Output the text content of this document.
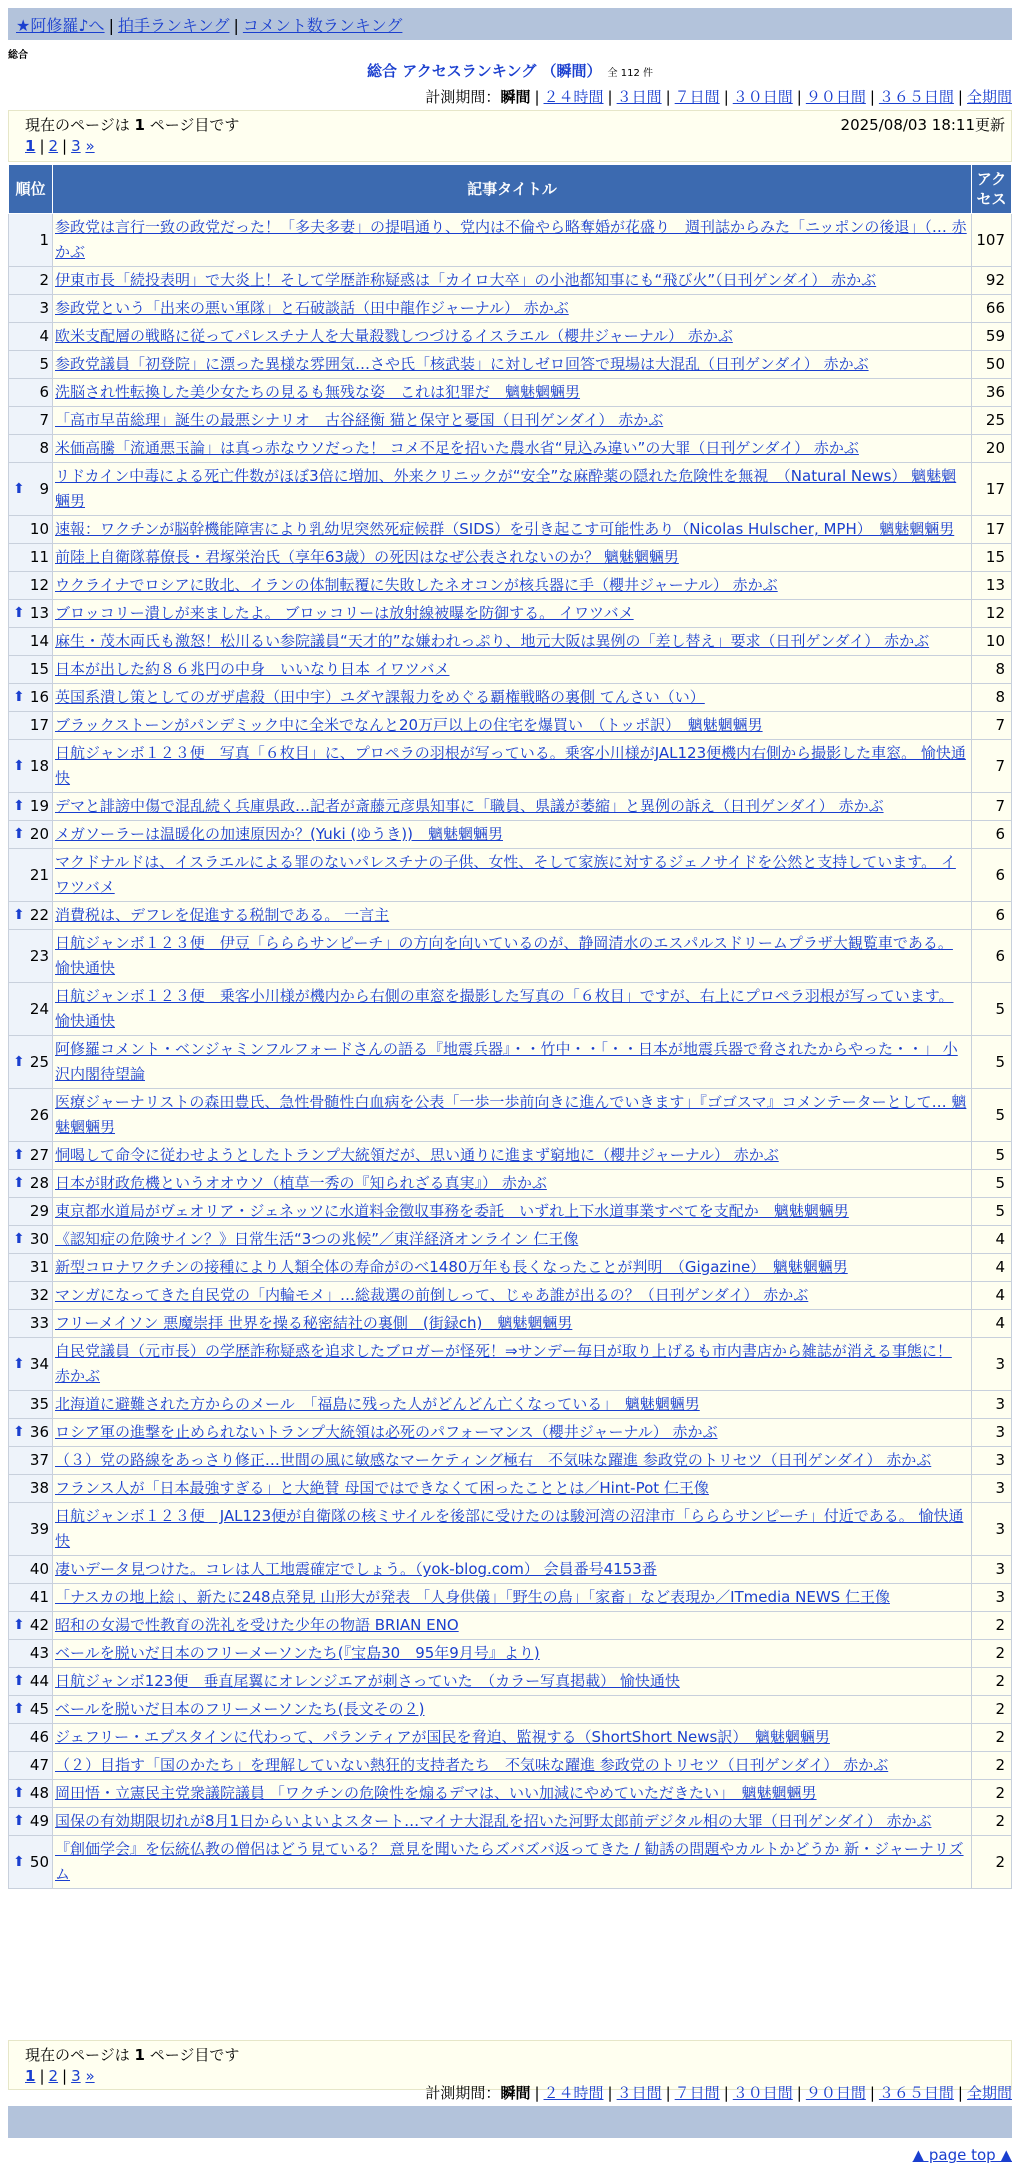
★阿修羅♪へ | 拍手ランキング | コメント数ランキング
総合
総合 アクセスランキング （瞬間） 全 112 件
計測期間：瞬間 | ２４時間 | ３日間 | ７日間 | ３０日間 | ９０日間 | ３６５日間 | 全期間
現在のページは 1 ページ目です	2025/08/03 18:11更新
1 | 2 | 3 »
順位	記事タイトル	アクセス
1	参政党は言行一致の政党だった！「多夫多妻」の提唱通り、党内は不倫やら略奪婚が花盛り　週刊誌からみた「ニッポンの後退」（… 赤かぶ	107
2	伊東市長「続投表明」で大炎上！そして学歴詐称疑惑は「カイロ大卒」の小池都知事にも“飛び火”（日刊ゲンダイ） 赤かぶ	92
3	参政党という「出来の悪い軍隊」と石破談話（田中龍作ジャーナル） 赤かぶ	66
4	欧米支配層の戦略に従ってパレスチナ人を大量殺戮しつづけるイスラエル（櫻井ジャーナル） 赤かぶ	59
5	参政党議員「初登院」に漂った異様な雰囲気…さや氏「核武装」に対しゼロ回答で現場は大混乱（日刊ゲンダイ） 赤かぶ	50
6	洗脳され性転換した美少女たちの見るも無残な姿　これは犯罪だ　魑魅魍魎男	36
7	「高市早苗総理」誕生の最悪シナリオ　古谷経衡 猫と保守と憂国（日刊ゲンダイ） 赤かぶ	25
8	米価高騰「流通悪玉論」は真っ赤なウソだった！ コメ不足を招いた農水省“見込み違い”の大罪（日刊ゲンダイ） 赤かぶ	20

⬆ 9	リドカイン中毒による死亡件数がほぼ3倍に増加、外来クリニックが“安全”な麻酔薬の隠れた危険性を無視　（Natural News） 魑魅魍魎男	17
10	速報：ワクチンが脳幹機能障害により乳幼児突然死症候群（SIDS）を引き起こす可能性あり（Nicolas Hulscher, MPH）　魑魅魍魎男	17
11	前陸上自衛隊幕僚長・君塚栄治氏（享年63歳）の死因はなぜ公表されないのか？ 魑魅魍魎男	15
12	ウクライナでロシアに敗北、イランの体制転覆に失敗したネオコンが核兵器に手（櫻井ジャーナル） 赤かぶ	13

⬆ 13	ブロッコリー潰しが来ましたよ。 ブロッコリーは放射線被曝を防御する。 イワツバメ	12
14	麻生・茂木両氏も激怒！松川るい参院議員“天才的”な嫌われっぷり、地元大阪は異例の「差し替え」要求（日刊ゲンダイ） 赤かぶ	10
15	日本が出した約８６兆円の中身　いいなり日本 イワツバメ	8

⬆ 16	英国系潰し策としてのガザ虐殺（田中宇）ユダヤ課報力をめぐる覇権戦略の裏側 てんさい（い）	8
17	ブラックストーンがパンデミック中に全米でなんと20万戸以上の住宅を爆買い　（トッポ訳）　魑魅魍魎男	7

⬆ 18	日航ジャンボ１２３便　写真「６枚目」に、プロペラの羽根が写っている。乗客小川様がJAL123便機内右側から撮影した車窓。 愉快通快	7

⬆ 19	デマと誹謗中傷で混乱続く兵庫県政…記者が斎藤元彦県知事に「職員、県議が萎縮」と異例の訴え（日刊ゲンダイ） 赤かぶ	7

⬆ 20	メガソーラーは温暖化の加速原因か？(Yuki (ゆうき))　魑魅魍魎男	6
21	マクドナルドは、イスラエルによる罪のないパレスチナの子供、女性、そして家族に対するジェノサイドを公然と支持しています。 イワツバメ	6

⬆ 22	消費税は、デフレを促進する税制である。 一言主	6
23	日航ジャンボ１２３便　伊豆「らららサンピーチ」の方向を向いているのが、静岡清水のエスパルスドリームプラザ大観覧車である。 愉快通快	6
24	日航ジャンボ１２３便　乗客小川様が機内から右側の車窓を撮影した写真の「６枚目」ですが、右上にプロペラ羽根が写っています。 愉快通快	5

⬆ 25	阿修羅コメント・ベンジャミンフルフォードさんの語る『地震兵器』・・竹中・・「・・日本が地震兵器で脅されたからやった・・」 小沢内閣待望論	5
26	医療ジャーナリストの森田豊氏、急性骨髄性白血病を公表「一歩一歩前向きに進んでいきます」『ゴゴスマ』コメンテーターとして… 魑魅魍魎男	5

⬆ 27	恫喝して命令に従わせようとしたトランプ大統領だが、思い通りに進まず窮地に（櫻井ジャーナル） 赤かぶ	5

⬆ 28	日本が財政危機というオオウソ（植草一秀の『知られざる真実』） 赤かぶ	5
29	東京都水道局がヴェオリア・ジェネッツに水道料金徴収事務を委託　いずれ上下水道事業すべてを支配か　魑魅魍魎男	5

⬆ 30	《認知症の危険サイン？》日常生活“3つの兆候”／東洋経済オンライン 仁王像	4
31	新型コロナワクチンの接種により人類全体の寿命がのべ1480万年も長くなったことが判明　（Gigazine）　魑魅魍魎男	4
32	マンガになってきた自民党の「内輪モメ」…総裁選の前倒しって、じゃあ誰が出るの？（日刊ゲンダイ） 赤かぶ	4
33	フリーメイソン 悪魔崇拝 世界を操る秘密結社の裏側　(街録ch)　魑魅魍魎男	4

⬆ 34	自民党議員（元市長）の学歴詐称疑惑を追求したブロガーが怪死！⇒サンデー毎日が取り上げるも市内書店から雑誌が消える事態に！ 赤かぶ	3
35	北海道に避難された方からのメール　「福島に残った人がどんどん亡くなっている」　魑魅魍魎男	3

⬆ 36	ロシア軍の進撃を止められないトランプ大統領は必死のパフォーマンス（櫻井ジャーナル） 赤かぶ	3
37	（３）党の路線をあっさり修正…世間の風に敏感なマーケティング極右　不気味な躍進 参政党のトリセツ（日刊ゲンダイ） 赤かぶ	3
38	フランス人が「日本最強すぎる」と大絶賛 母国ではできなくて困ったこととは／Hint-Pot 仁王像	3
39	日航ジャンボ１２３便　JAL123便が自衛隊の核ミサイルを後部に受けたのは駿河湾の沼津市「らららサンピーチ」付近である。 愉快通快	3
40	凄いデータ見つけた。コレは人工地震確定でしょう。（yok-blog.com） 会員番号4153番	3
41	「ナスカの地上絵」、新たに248点発見 山形大が発表 「人身供儀」「野生の鳥」「家畜」など表現か／ITmedia NEWS 仁王像	3

⬆ 42	昭和の女湯で性教育の洗礼を受けた少年の物語 BRIAN ENO	2
43	ベールを脱いだ日本のフリーメーソンたち(『宝島30　95年9月号』より)	2

⬆ 44	日航ジャンボ123便　垂直尾翼にオレンジエアが刺さっていた　（カラー写真掲載） 愉快通快	2

⬆ 45	ベールを脱いだ日本のフリーメーソンたち(長文その２)	2
46	ジェフリー・エプスタインに代わって、パランティアが国民を脅迫、監視する（ShortShort News訳）　魑魅魍魎男	2
47	（２）目指す「国のかたち」を理解していない熱狂的支持者たち　不気味な躍進 参政党のトリセツ（日刊ゲンダイ） 赤かぶ	2

⬆ 48	岡田悟・立憲民主党衆議院議員 「ワクチンの危険性を煽るデマは、いい加減にやめていただきたい」　魑魅魍魎男	2

⬆ 49	国保の有効期限切れが8月1日からいよいよスタート…マイナ大混乱を招いた河野太郎前デジタル相の大罪（日刊ゲンダイ） 赤かぶ	2

⬆ 50	『創価学会』を伝統仏教の僧侶はどう見ている？ 意見を聞いたらズバズバ返ってきた / 勧誘の問題やカルトかどうか 新・ジャーナリズム	2
現在のページは 1 ページ目です
1 | 2 | 3 »
計測期間：瞬間 | ２４時間 | ３日間 | ７日間 | ３０日間 | ９０日間 | ３６５日間 | 全期間
▲ page top ▲
